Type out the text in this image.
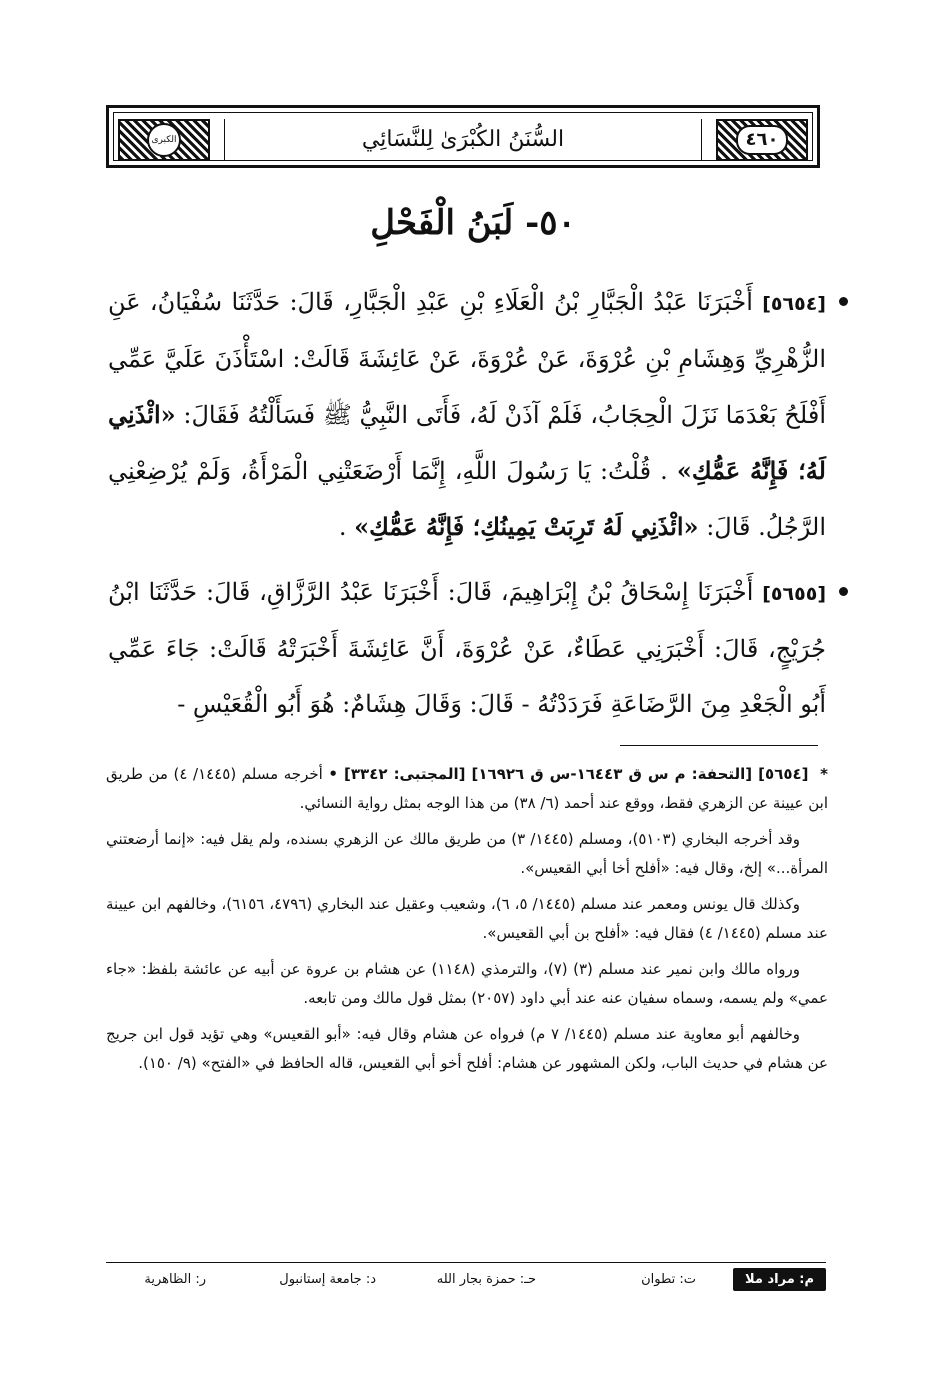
٤٦٠
السُّنَنُ الكُبْرَىٰ لِلنَّسَائِي
الكبرى
٥٠- لَبَنُ الْفَحْلِ
[٥٦٥٤] أَخْبَرَنَا عَبْدُ الْجَبَّارِ بْنُ الْعَلَاءِ بْنِ عَبْدِ الْجَبَّارِ، قَالَ: حَدَّثَنَا سُفْيَانُ، عَنِ الزُّهْرِيِّ وَهِشَامِ بْنِ عُرْوَةَ، عَنْ عُرْوَةَ، عَنْ عَائِشَةَ قَالَتْ: اسْتَأْذَنَ عَلَيَّ عَمِّي أَفْلَحُ بَعْدَمَا نَزَلَ الْحِجَابُ، فَلَمْ آذَنْ لَهُ، فَأَتَى النَّبِيُّ ﷺ فَسَأَلْتُهُ فَقَالَ: «ائْذَنِي لَهُ؛ فَإِنَّهُ عَمُّكِ» . قُلْتُ: يَا رَسُولَ اللَّهِ، إِنَّمَا أَرْضَعَتْنِي الْمَرْأَةُ، وَلَمْ يُرْضِعْنِي الرَّجُلُ. قَالَ: «ائْذَنِي لَهُ تَرِبَتْ يَمِينُكِ؛ فَإِنَّهُ عَمُّكِ» .
[٥٦٥٥] أَخْبَرَنَا إِسْحَاقُ بْنُ إِبْرَاهِيمَ، قَالَ: أَخْبَرَنَا عَبْدُ الرَّزَّاقِ، قَالَ: حَدَّثَنَا ابْنُ جُرَيْجٍ، قَالَ: أَخْبَرَنِي عَطَاءٌ، عَنْ عُرْوَةَ، أَنَّ عَائِشَةَ أَخْبَرَتْهُ قَالَتْ: جَاءَ عَمِّي أَبُو الْجَعْدِ مِنَ الرَّضَاعَةِ فَرَدَدْتُهُ - قَالَ: وَقَالَ هِشَامٌ: هُوَ أَبُو الْقُعَيْسِ -

* [٥٦٥٤] [التحفة: م س ق ١٦٤٤٣-س ق ١٦٩٢٦] [المجتبى: ٣٣٤٢] • أخرجه مسلم (١٤٤٥/ ٤) من طريق ابن عيينة عن الزهري فقط، ووقع عند أحمد (٦/ ٣٨) من هذا الوجه بمثل رواية النسائي.

وقد أخرجه البخاري (٥١٠٣)، ومسلم (١٤٤٥/ ٣) من طريق مالك عن الزهري بسنده، ولم يقل فيه: «إنما أرضعتني المرأة...» إلخ، وقال فيه: «أفلح أخا أبي القعيس».

وكذلك قال يونس ومعمر عند مسلم (١٤٤٥/ ٥، ٦)، وشعيب وعقيل عند البخاري (٤٧٩٦، ٦١٥٦)، وخالفهم ابن عيينة عند مسلم (١٤٤٥/ ٤) فقال فيه: «أفلح بن أبي القعيس».

ورواه مالك وابن نمير عند مسلم (٣) (٧)، والترمذي (١١٤٨) عن هشام بن عروة عن أبيه عن عائشة بلفظ: «جاء عمي» ولم يسمه، وسماه سفيان عنه عند أبي داود (٢٠٥٧) بمثل قول مالك ومن تابعه.

وخالفهم أبو معاوية عند مسلم (١٤٤٥/ ٧ م) فرواه عن هشام وقال فيه: «أبو القعيس» وهي تؤيد قول ابن جريج عن هشام في حديث الباب، ولكن المشهور عن هشام: أفلح أخو أبي القعيس، قاله الحافظ في «الفتح» (٩/ ١٥٠).

م: مراد ملا
ت: تطوان
حـ: حمزة بجار الله
د: جامعة إستانبول
ر: الظاهرية
